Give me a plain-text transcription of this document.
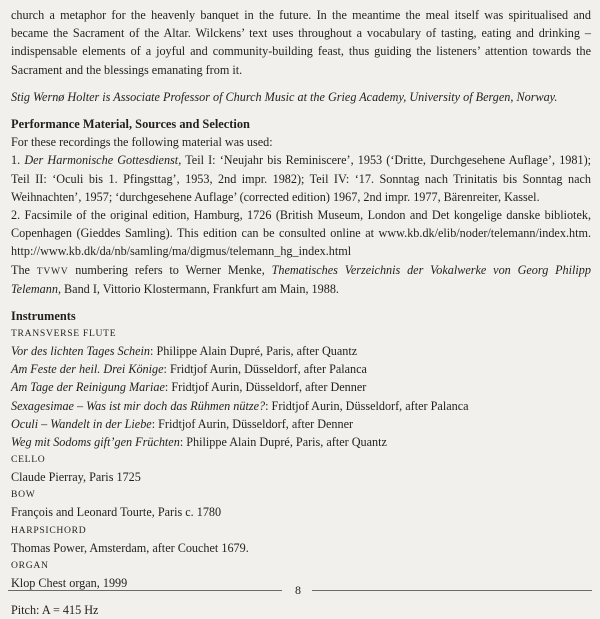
church a metaphor for the heavenly banquet in the future. In the meantime the meal itself was spiritualised and became the Sacrament of the Altar. Wilckens’ text uses throughout a vocabulary of tasting, eating and drinking – indispensable elements of a joyful and community-building feast, thus guiding the listeners’ attention towards the Sacrament and the blessings emanating from it.

Stig Wernø Holter is Associate Professor of Church Music at the Grieg Academy, University of Bergen, Norway.

Performance Material, Sources and Selection

For these recordings the following material was used:

1. Der Harmonische Gottesdienst, Teil I: ‘Neujahr bis Reminiscere’, 1953 (‘Dritte, Durchgesehene Auflage’, 1981); Teil II: ‘Oculi bis 1. Pfingsttag’, 1953, 2nd impr. 1982); Teil IV: ‘17. Sonntag nach Trinitatis bis Sonntag nach Weihnachten’, 1957; ‘durchgesehene Auflage’ (corrected edition) 1967, 2nd impr. 1977, Bärenreiter, Kassel.

2. Facsimile of the original edition, Hamburg, 1726 (British Museum, London and Det kongelige danske bibliotek, Copenhagen (Gieddes Samling). This edition can be consulted online at www.kb.dk/elib/noder/telemann/index.htm. http://www.kb.dk/da/nb/samling/ma/digmus/telemann_hg_index.html

The TVWV numbering refers to Werner Menke, Thematisches Verzeichnis der Vokalwerke von Georg Philipp Telemann, Band I, Vittorio Klostermann, Frankfurt am Main, 1988.

Instruments

TRANSVERSE FLUTE

Vor des lichten Tages Schein: Philippe Alain Dupré, Paris, after Quantz

Am Feste der heil. Drei Könige: Fridtjof Aurin, Düsseldorf, after Palanca

Am Tage der Reinigung Mariae: Fridtjof Aurin, Düsseldorf, after Denner

Sexagesimae – Was ist mir doch das Rühmen nütze?: Fridtjof Aurin, Düsseldorf, after Palanca

Oculi – Wandelt in der Liebe: Fridtjof Aurin, Düsseldorf, after Denner

Weg mit Sodoms gift’gen Früchten: Philippe Alain Dupré, Paris, after Quantz

CELLO

Claude Pierray, Paris 1725

BOW

François and Leonard Tourte, Paris c. 1780

HARPSICHORD

Thomas Power, Amsterdam, after Couchet 1679.

ORGAN

Klop Chest organ, 1999

Pitch: A = 415 Hz

8
